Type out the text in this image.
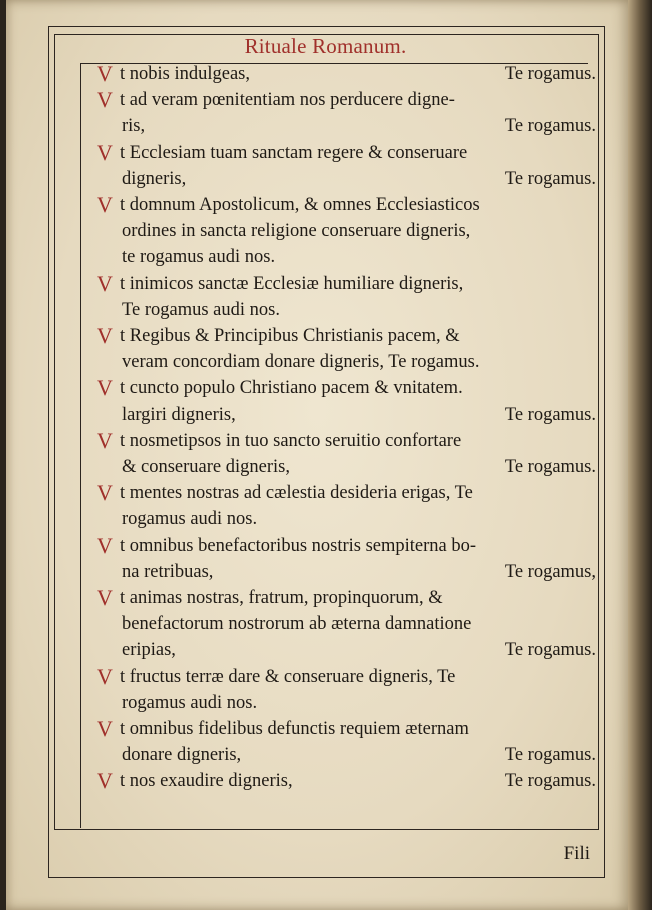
Rituale Romanum.
V t nobis indulgeas,	Te rogamus.
V t ad veram pœnitentiam nos perducere digne-
ris,	Te rogamus.
V t Ecclesiam tuam sanctam regere & conseruare
digneris,	Te rogamus.
V t domnum Apostolicum, & omnes Ecclesiasticos
ordines in sancta religione conseruare digneris,
te rogamus audi nos.
V t inimicos sanctæ Ecclesiæ humiliare digneris,
Te rogamus audi nos.
V t Regibus & Principibus Christianis pacem, &
veram concordiam donare digneris, Te rogamus.
V t cuncto populo Christiano pacem & vnitatem.
largiri digneris,	Te rogamus.
V t nosmetipsos in tuo sancto seruitio confortare
& conseruare digneris,	Te rogamus.
V t mentes nostras ad cælestia desideria erigas, Te
rogamus audi nos.
V t omnibus benefactoribus nostris sempiterna bo-
na retribuas,	Te rogamus,
V t animas nostras, fratrum, propinquorum, &
benefactorum nostrorum ab æterna damnatione
eripias,	Te rogamus.
V t fructus terræ dare & conseruare digneris, Te
rogamus audi nos.
V t omnibus fidelibus defunctis requiem æternam
donare digneris,	Te rogamus.
V t nos exaudire digneris,	Te rogamus.
Fili
